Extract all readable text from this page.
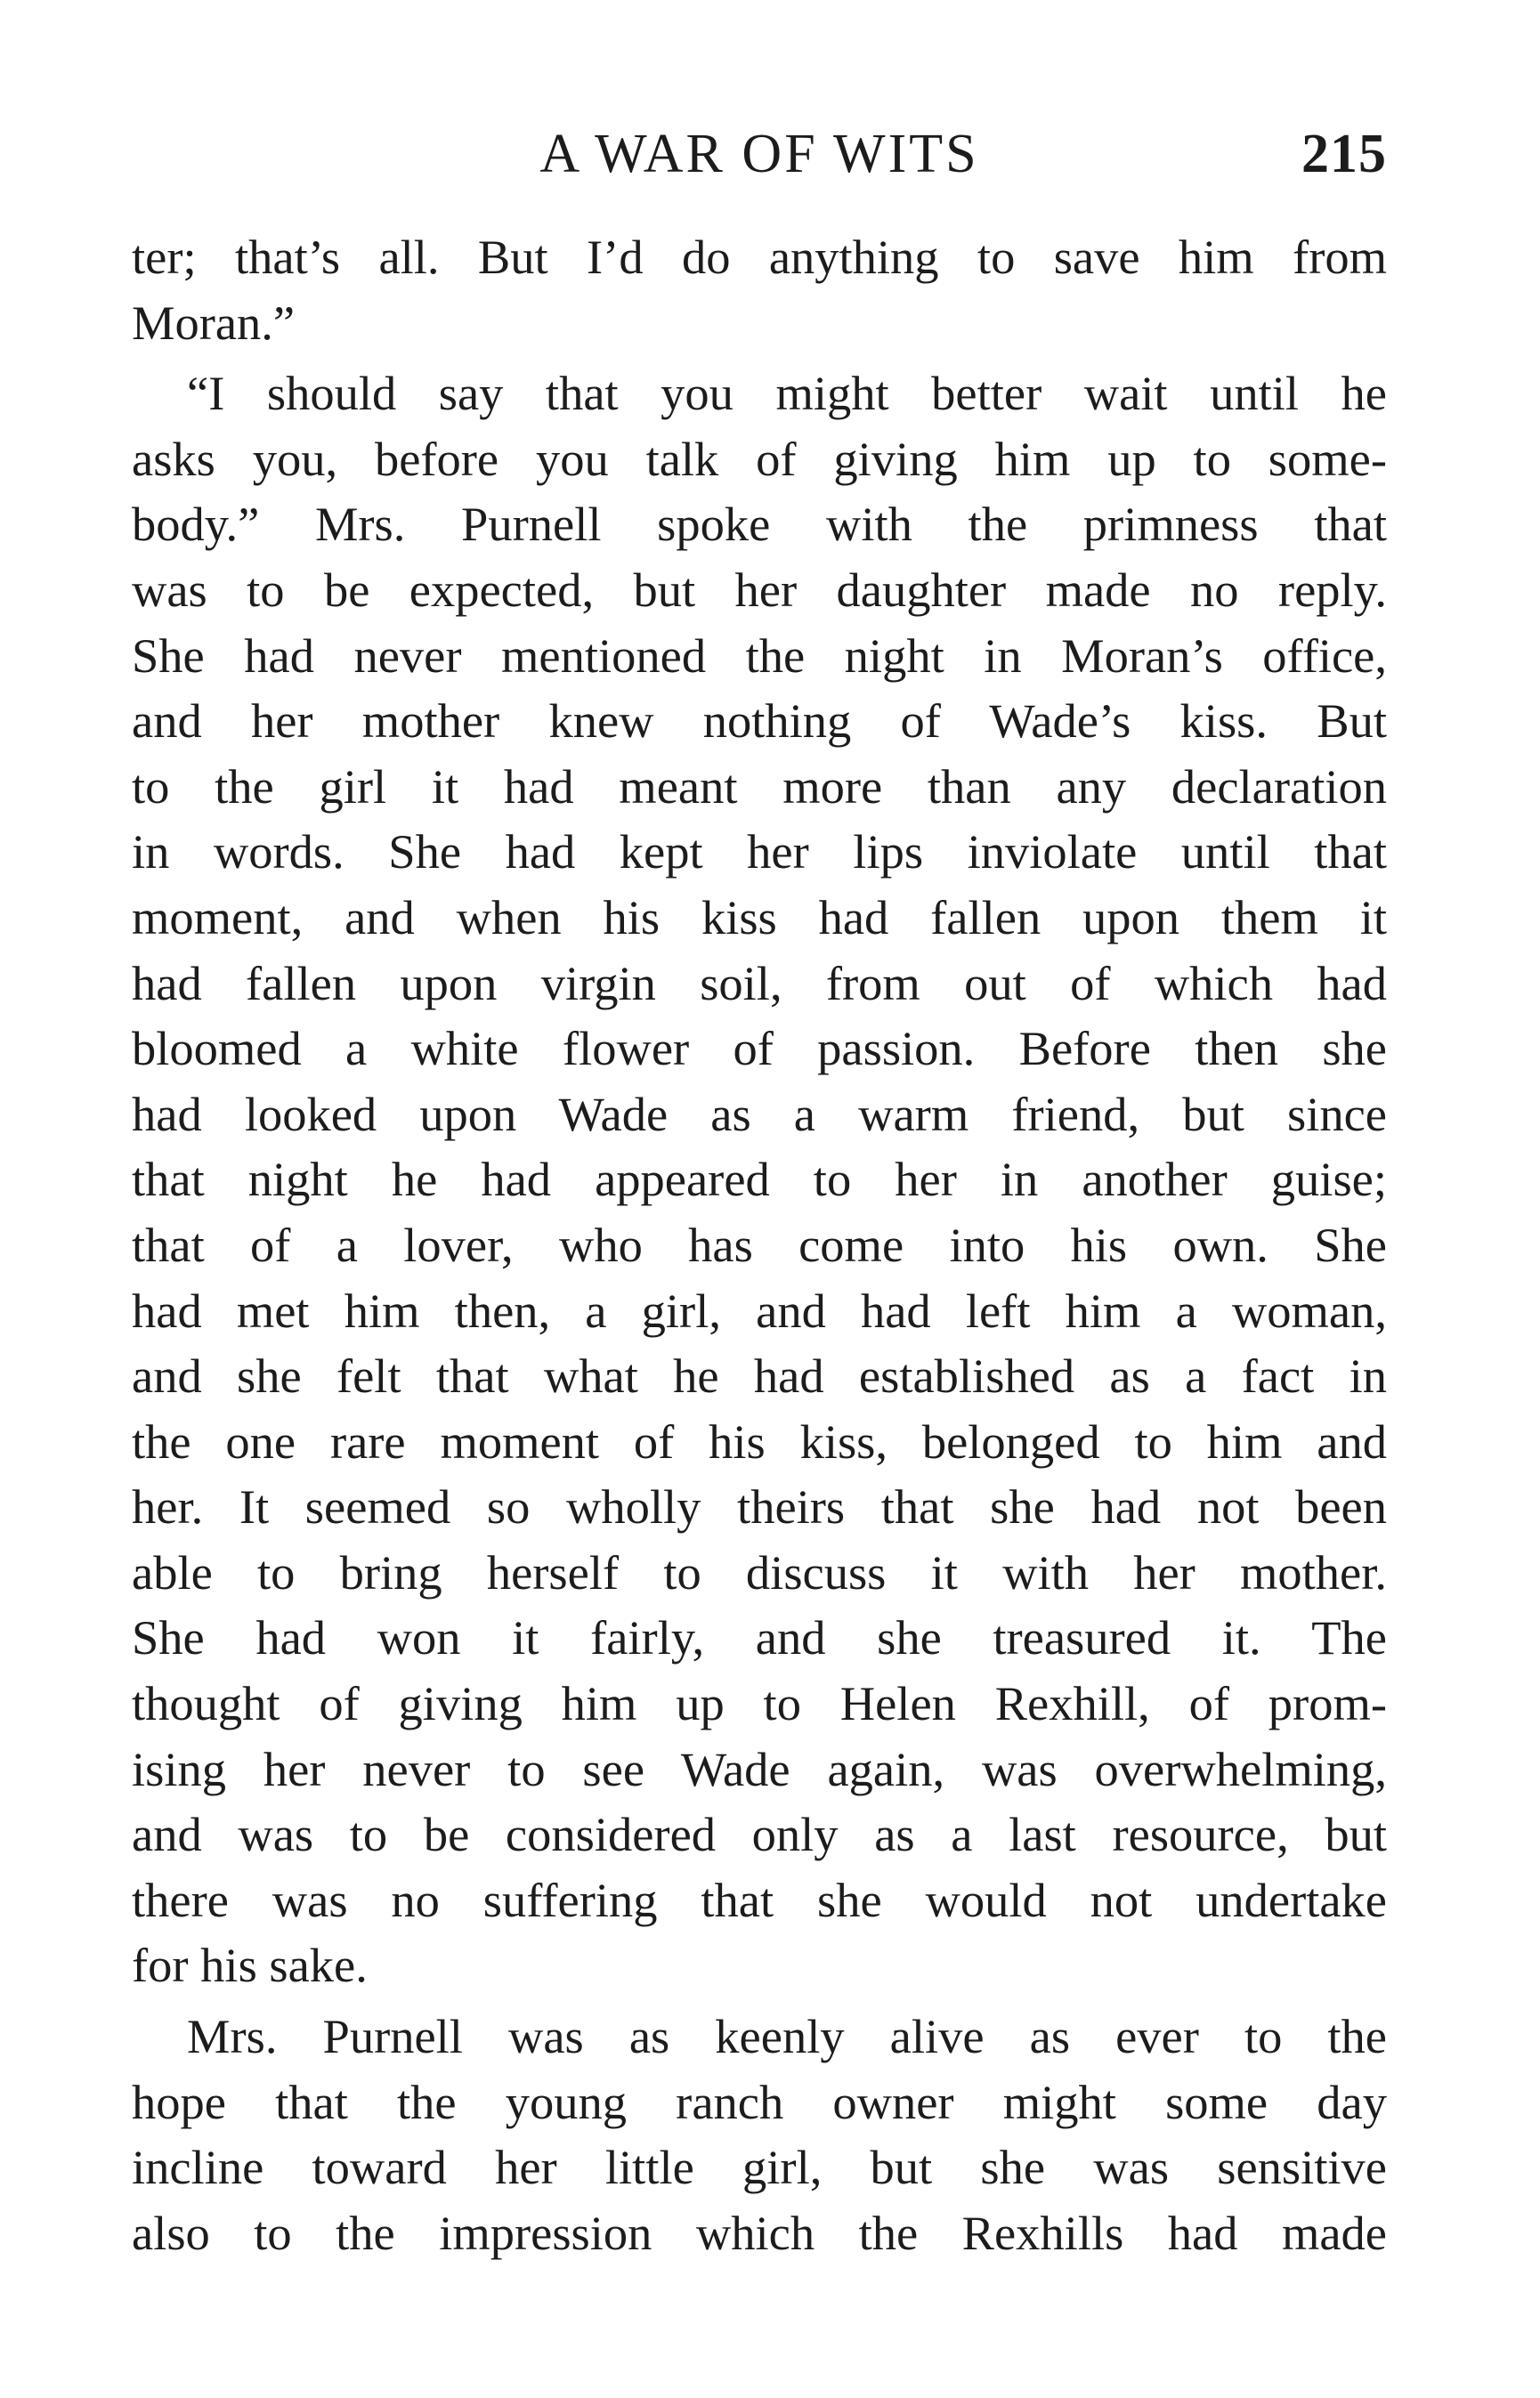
A WAR OF WITS	215
ter; that’s all. But I’d do anything to save him from
Moran.”
“I should say that you might better wait until he
asks you, before you talk of giving him up to some-
body.” Mrs. Purnell spoke with the primness that
was to be expected, but her daughter made no reply.
She had never mentioned the night in Moran’s office,
and her mother knew nothing of Wade’s kiss. But
to the girl it had meant more than any declaration
in words. She had kept her lips inviolate until that
moment, and when his kiss had fallen upon them it
had fallen upon virgin soil, from out of which had
bloomed a white flower of passion. Before then she
had looked upon Wade as a warm friend, but since
that night he had appeared to her in another guise;
that of a lover, who has come into his own. She
had met him then, a girl, and had left him a woman,
and she felt that what he had established as a fact in
the one rare moment of his kiss, belonged to him and
her. It seemed so wholly theirs that she had not been
able to bring herself to discuss it with her mother.
She had won it fairly, and she treasured it. The
thought of giving him up to Helen Rexhill, of prom-
ising her never to see Wade again, was overwhelming,
and was to be considered only as a last resource, but
there was no suffering that she would not undertake
for his sake.
Mrs. Purnell was as keenly alive as ever to the
hope that the young ranch owner might some day
incline toward her little girl, but she was sensitive
also to the impression which the Rexhills had made
